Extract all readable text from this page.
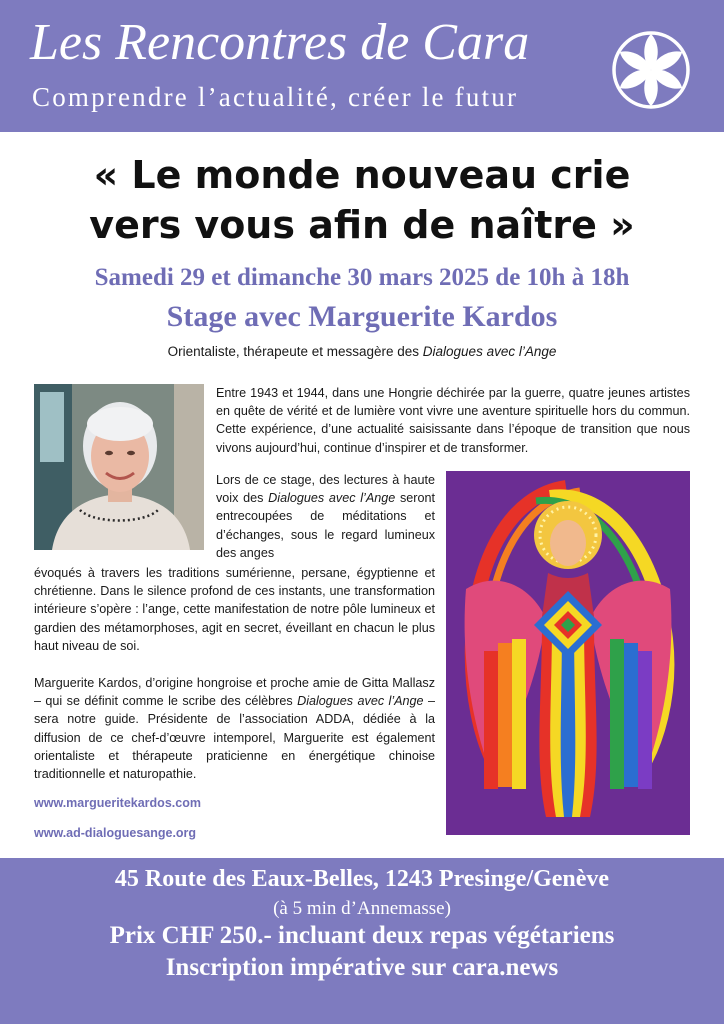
Les Rencontres de Cara
Comprendre l’actualité, créer le futur
« Le monde nouveau crie
vers vous afin de naître »
Samedi 29 et dimanche 30 mars 2025 de 10h à 18h
Stage avec Marguerite Kardos
Orientaliste, thérapeute et messagère des Dialogues avec l’Ange

Entre 1943 et 1944, dans une Hongrie déchirée par la guerre, quatre jeunes artistes en quête de vérité et de lumière vont vivre une aventure spirituelle hors du commun. Cette expérience, d’une actualité saisissante dans l’époque de transition que nous vivons aujourd’hui, continue d’inspirer et de transformer.

Lors de ce stage, des lectures à haute voix des Dialogues avec l’Ange seront entrecoupées de méditations et d’échanges, sous le regard lumineux des anges

évoqués à travers les traditions sumérienne, persane, égyptienne et chrétienne. Dans le silence profond de ces instants, une transformation intérieure s’opère : l’ange, cette manifestation de notre pôle lumineux et gardien des métamorphoses, agit en secret, éveillant en chacun le plus haut niveau de soi.

Marguerite Kardos, d’origine hongroise et proche amie de Gitta Mallasz – qui se définit comme le scribe des célèbres Dialogues avec l’Ange – sera notre guide. Présidente de l’association ADDA, dédiée à la diffusion de ce chef-d’œuvre intemporel, Marguerite est également orientaliste et thérapeute praticienne en énergétique chinoise traditionnelle et naturopathie.

www.margueritekardos.com
www.ad-dialoguesange.org
45 Route des Eaux-Belles, 1243 Presinge/Genève
(à 5 min d’Annemasse)
Prix CHF 250.- incluant deux repas végétariens
Inscription impérative sur cara.news
